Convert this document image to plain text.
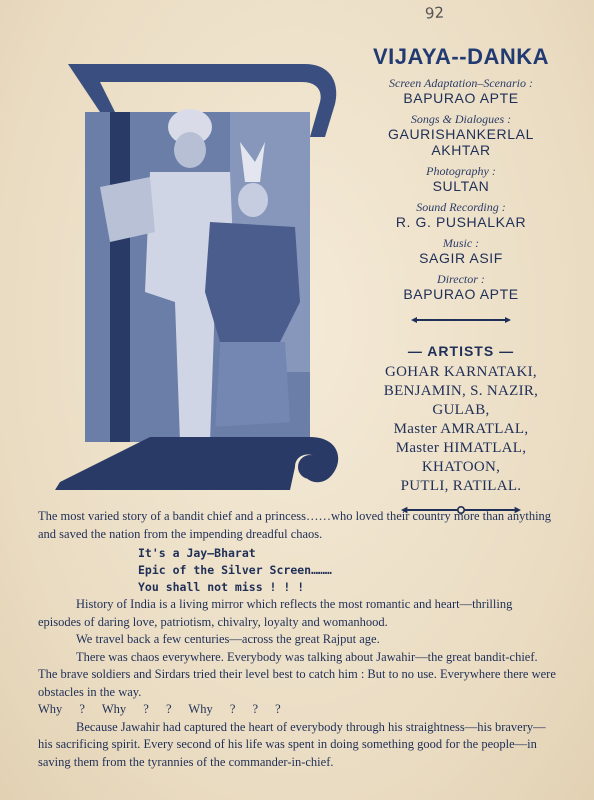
92
VIJAYA--DANKA
Screen Adaptation–Scenario :
BAPURAO APTE
Songs & Dialogues :
GAURISHANKERLAL
AKHTAR
Photography :
SULTAN
Sound Recording :
R. G. PUSHALKAR
Music :
SAGIR ASIF
Director :
BAPURAO APTE
— ARTISTS —
GOHAR KARNATAKI,
BENJAMIN, S. NAZIR,
GULAB,
Master AMRATLAL,
Master HIMATLAL,
KHATOON,
PUTLI, RATILAL.

The most varied story of a bandit chief and a princess……who loved their country more than anything and saved the nation from the impending dreadful chaos.

It's a Jay—Bharat
Epic of the Silver Screen………
You shall not miss ! ! !

History of India is a living mirror which reflects the most romantic and heart—thrilling episodes of daring love, patriotism, chivalry, loyalty and womanhood.

We travel back a few centuries—across the great Rajput age.

There was chaos everywhere. Everybody was talking about Jawahir—the great bandit-chief. The brave soldiers and Sirdars tried their level best to catch him : But to no use. Everywhere there were obstacles in the way.

Why ? Why ? ? Why ? ? ?

Because Jawahir had captured the heart of everybody through his straightness—his bravery—his sacrificing spirit. Every second of his life was spent in doing something good for the people—in saving them from the tyrannies of the commander-in-chief.
